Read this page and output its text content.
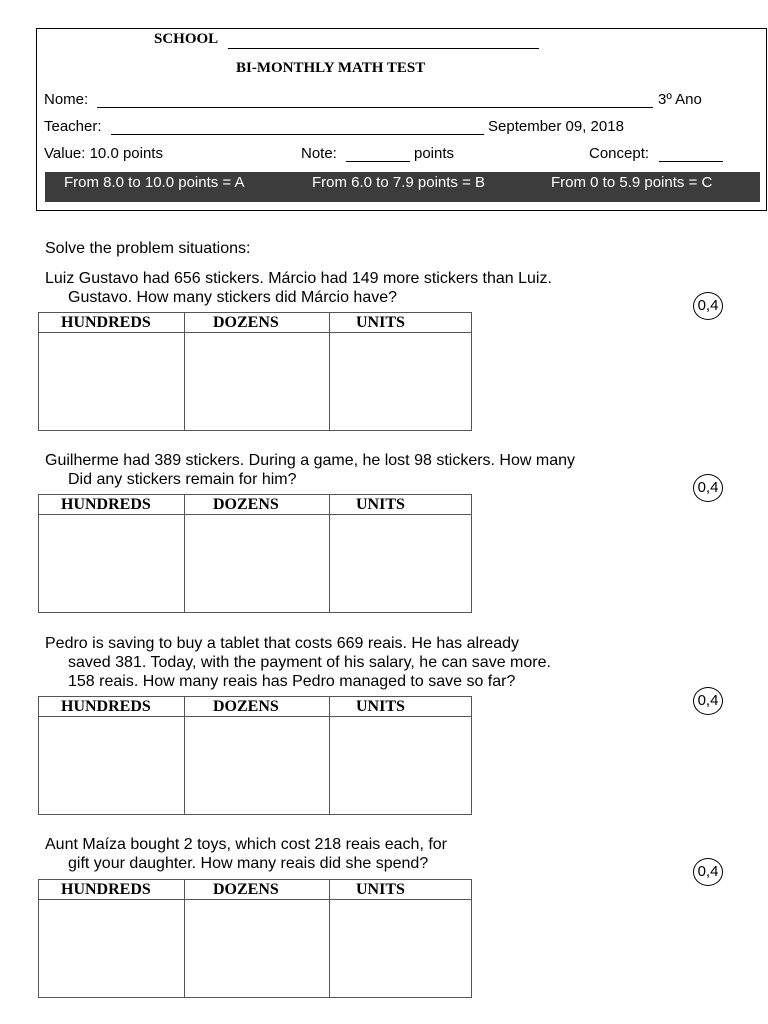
SCHOOL
BI-MONTHLY MATH TEST
Nome:	3º Ano
Teacher:	September 09, 2018
Value: 10.0 points	Note:	points	Concept:
From 8.0 to 10.0 points = A	From 6.0 to 7.9 points = B	From 0 to 5.9 points = C
Solve the problem situations:
Luiz Gustavo had 656 stickers. Márcio had 149 more stickers than Luiz.
Gustavo. How many stickers did Márcio have?	0,4
HUNDREDS	DOZENS	UNITS

Guilherme had 389 stickers. During a game, he lost 98 stickers. How many
Did any stickers remain for him?	0,4
HUNDREDS	DOZENS	UNITS

Pedro is saving to buy a tablet that costs 669 reais. He has already
saved 381. Today, with the payment of his salary, he can save more.
158 reais. How many reais has Pedro managed to save so far?
0,4
HUNDREDS	DOZENS	UNITS

Aunt Maíza bought 2 toys, which cost 218 reais each, for
gift your daughter. How many reais did she spend?	0,4
HUNDREDS	DOZENS	UNITS
